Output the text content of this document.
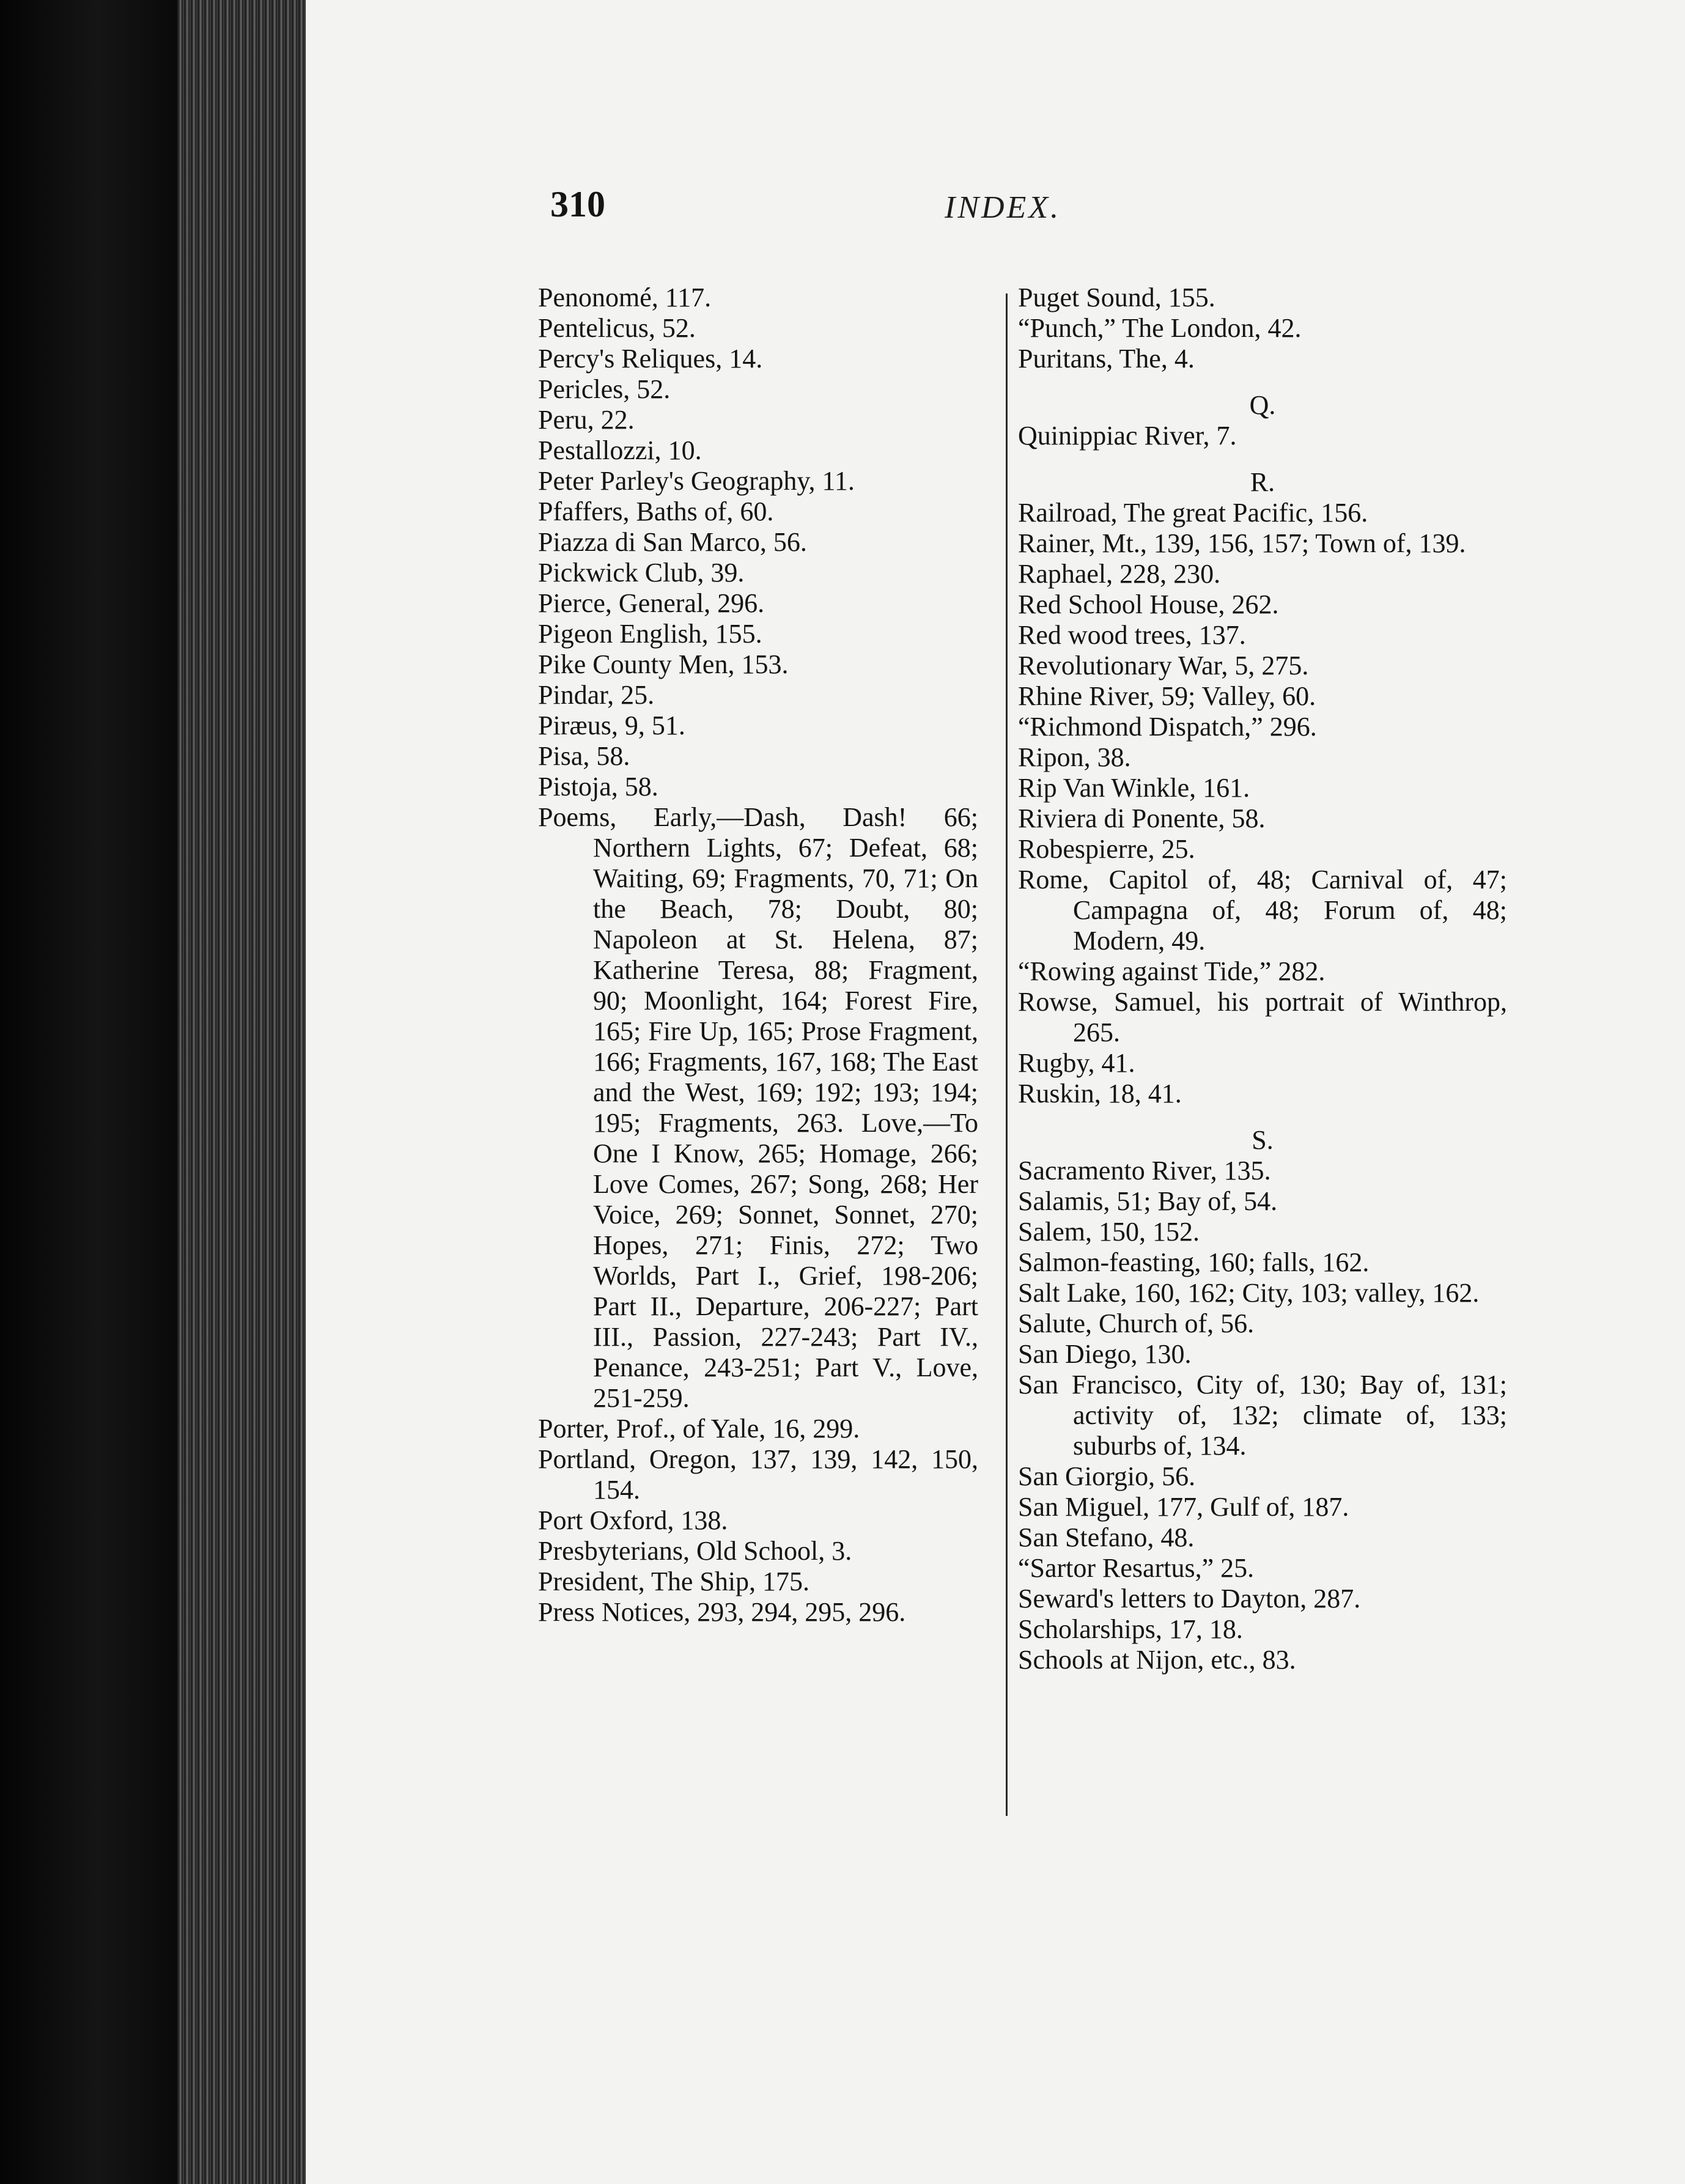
310	INDEX.

Penonomé, 117.

Pentelicus, 52.

Percy's Reliques, 14.

Pericles, 52.

Peru, 22.

Pestallozzi, 10.

Peter Parley's Geography, 11.

Pfaffers, Baths of, 60.

Piazza di San Marco, 56.

Pickwick Club, 39.

Pierce, General, 296.

Pigeon English, 155.

Pike County Men, 153.

Pindar, 25.

Piræus, 9, 51.

Pisa, 58.

Pistoja, 58.

Poems, Early,—Dash, Dash! 66; Northern Lights, 67; Defeat, 68; Waiting, 69; Fragments, 70, 71; On the Beach, 78; Doubt, 80; Napoleon at St. Helena, 87; Katherine Teresa, 88; Fragment, 90; Moonlight, 164; Forest Fire, 165; Fire Up, 165; Prose Fragment, 166; Fragments, 167, 168; The East and the West, 169; 192; 193; 194; 195; Fragments, 263. Love,—To One I Know, 265; Homage, 266; Love Comes, 267; Song, 268; Her Voice, 269; Sonnet, Sonnet, 270; Hopes, 271; Finis, 272; Two Worlds, Part I., Grief, 198-206; Part II., Departure, 206-227; Part III., Passion, 227-243; Part IV., Penance, 243-251; Part V., Love, 251-259.

Porter, Prof., of Yale, 16, 299.

Portland, Oregon, 137, 139, 142, 150, 154.

Port Oxford, 138.

Presbyterians, Old School, 3.

President, The Ship, 175.

Press Notices, 293, 294, 295, 296.

Puget Sound, 155.

“Punch,” The London, 42.

Puritans, The, 4.

Q.

Quinippiac River, 7.

R.

Railroad, The great Pacific, 156.

Rainer, Mt., 139, 156, 157; Town of, 139.

Raphael, 228, 230.

Red School House, 262.

Red wood trees, 137.

Revolutionary War, 5, 275.

Rhine River, 59; Valley, 60.

“Richmond Dispatch,” 296.

Ripon, 38.

Rip Van Winkle, 161.

Riviera di Ponente, 58.

Robespierre, 25.

Rome, Capitol of, 48; Carnival of, 47; Campagna of, 48; Forum of, 48; Modern, 49.

“Rowing against Tide,” 282.

Rowse, Samuel, his portrait of Winthrop, 265.

Rugby, 41.

Ruskin, 18, 41.

S.

Sacramento River, 135.

Salamis, 51; Bay of, 54.

Salem, 150, 152.

Salmon-feasting, 160; falls, 162.

Salt Lake, 160, 162; City, 103; valley, 162.

Salute, Church of, 56.

San Diego, 130.

San Francisco, City of, 130; Bay of, 131; activity of, 132; climate of, 133; suburbs of, 134.

San Giorgio, 56.

San Miguel, 177, Gulf of, 187.

San Stefano, 48.

“Sartor Resartus,” 25.

Seward's letters to Dayton, 287.

Scholarships, 17, 18.

Schools at Nijon, etc., 83.
